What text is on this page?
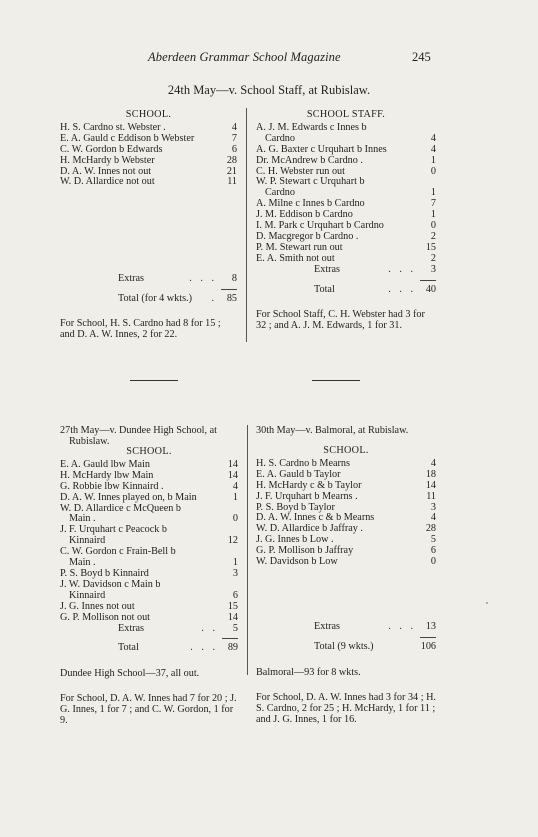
Aberdeen Grammar School Magazine	245
24th May—v. School Staff, at Rubislaw.
SCHOOL.
H. S. Cardno st. Webster .	4
E. A. Gauld c Eddison b Webster	7
C. W. Gordon b Edwards	6
H. McHardy b Webster	28
D. A. W. Innes not out	21
W. D. Allardice not out	11
Extras	. . .	8
Total (for 4 wkts.)	. 85
For School, H. S. Cardno had 8 for 15 ; and D. A. W. Innes, 2 for 22.
SCHOOL STAFF.
A. J. M. Edwards c Innes b
Cardno	4
A. G. Baxter c Urquhart b Innes	4
Dr. McAndrew b Cardno .	1
C. H. Webster run out	0
W. P. Stewart c Urquhart b
Cardno	1
A. Milne c Innes b Cardno	7
J. M. Eddison b Cardno	1
I. M. Park c Urquhart b Cardno	0
D. Macgregor b Cardno .	2
P. M. Stewart run out	15
E. A. Smith not out	2
Extras	. . .	3
Total	. . . 40
For School Staff, C. H. Webster had 3 for 32 ; and A. J. M. Edwards, 1 for 31.
27th May—v. Dundee High School, at Rubislaw.
SCHOOL.
E. A. Gauld lbw Main	14
H. McHardy lbw Main	14
G. Robbie lbw Kinnaird .	4
D. A. W. Innes played on, b Main	1
W. D. Allardice c McQueen b
Main .	0
J. F. Urquhart c Peacock b
Kinnaird	12
C. W. Gordon c Frain-Bell b
Main .	1
P. S. Boyd b Kinnaird	3
J. W. Davidson c Main b
Kinnaird	6
J. G. Innes not out	15
G. P. Mollison not out	14
Extras	. .	5
Total	. . . 89
Dundee High School—37, all out.
For School, D. A. W. Innes had 7 for 20 ; J. G. Innes, 1 for 7 ; and C. W. Gordon, 1 for 9.
30th May—v. Balmoral, at Rubislaw.
SCHOOL.
H. S. Cardno b Mearns	4
E. A. Gauld b Taylor	18
H. McHardy c & b Taylor	14
J. F. Urquhart b Mearns .	11
P. S. Boyd b Taylor	3
D. A. W. Innes c & b Mearns	4
W. D. Allardice b Jaffray .	28
J. G. Innes b Low .	5
G. P. Mollison b Jaffray	6
W. Davidson b Low	0
Extras	. . . 13
Total (9 wkts.)	106
Balmoral—93 for 8 wkts.
For School, D. A. W. Innes had 3 for 34 ; H. S. Cardno, 2 for 25 ; H. McHardy, 1 for 11 ; and J. G. Innes, 1 for 16.
